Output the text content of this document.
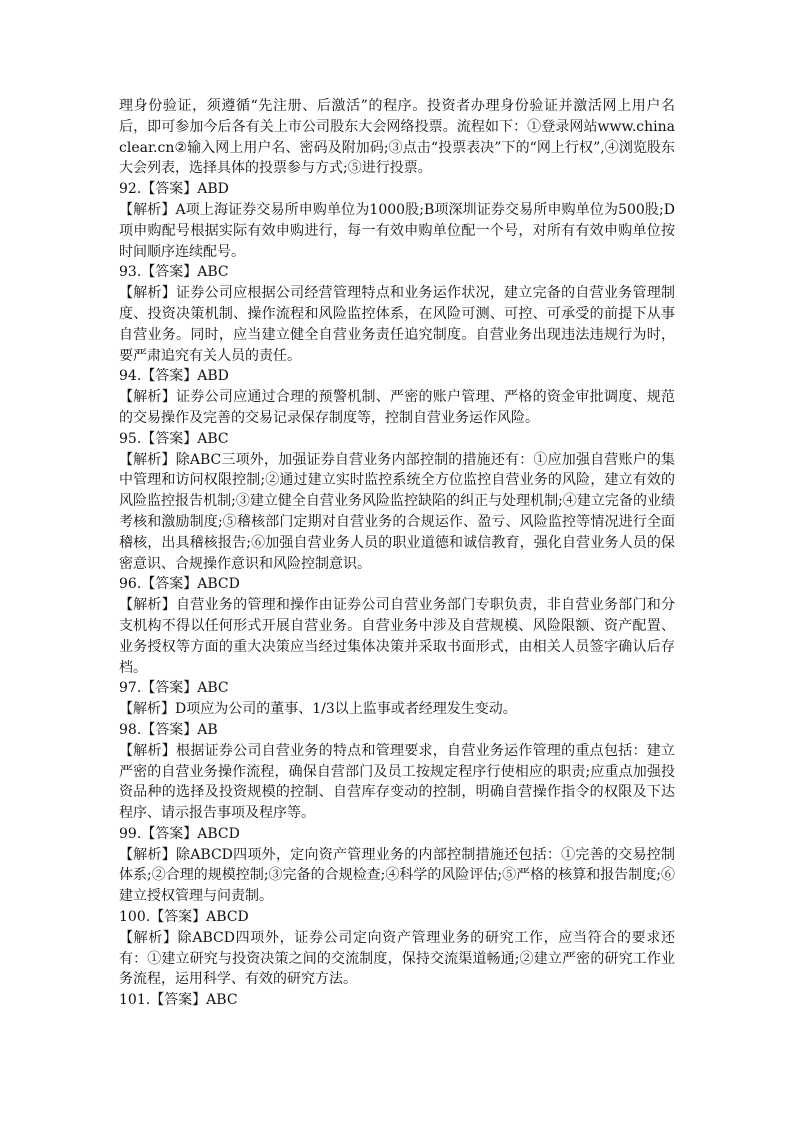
理身份验证，须遵循“先注册、后激活”的程序。投资者办理身份验证并激活网上用户名后，即可参加今后各有关上市公司股东大会网络投票。流程如下：①登录网站www.chinaclear.cn②输入网上用户名、密码及附加码;③点击“投票表决”下的“网上行权”,④浏览股东大会列表，选择具体的投票参与方式;⑤进行投票。

92.【答案】ABD

【解析】A项上海证券交易所申购单位为1000股;B项深圳证券交易所申购单位为500股;D项申购配号根据实际有效申购进行，每一有效申购单位配一个号，对所有有效申购单位按时间顺序连续配号。

93.【答案】ABC

【解析】证券公司应根据公司经营管理特点和业务运作状况，建立完备的自营业务管理制度、投资决策机制、操作流程和风险监控体系，在风险可测、可控、可承受的前提下从事自营业务。同时，应当建立健全自营业务责任追究制度。自营业务出现违法违规行为时，要严肃追究有关人员的责任。

94.【答案】ABD

【解析】证券公司应通过合理的预警机制、严密的账户管理、严格的资金审批调度、规范的交易操作及完善的交易记录保存制度等，控制自营业务运作风险。

95.【答案】ABC

【解析】除ABC三项外，加强证券自营业务内部控制的措施还有：①应加强自营账户的集中管理和访问权限控制;②通过建立实时监控系统全方位监控自营业务的风险，建立有效的风险监控报告机制;③建立健全自营业务风险监控缺陷的纠正与处理机制;④建立完备的业绩考核和激励制度;⑤稽核部门定期对自营业务的合规运作、盈亏、风险监控等情况进行全面稽核，出具稽核报告;⑥加强自营业务人员的职业道德和诚信教育，强化自营业务人员的保密意识、合规操作意识和风险控制意识。

96.【答案】ABCD

【解析】自营业务的管理和操作由证券公司自营业务部门专职负责，非自营业务部门和分支机构不得以任何形式开展自营业务。自营业务中涉及自营规模、风险限额、资产配置、业务授权等方面的重大决策应当经过集体决策并采取书面形式，由相关人员签字确认后存档。

97.【答案】ABC

【解析】D项应为公司的董事、1/3以上监事或者经理发生变动。

98.【答案】AB

【解析】根据证券公司自营业务的特点和管理要求，自营业务运作管理的重点包括：建立严密的自营业务操作流程，确保自营部门及员工按规定程序行使相应的职责;应重点加强投资品种的选择及投资规模的控制、自营库存变动的控制，明确自营操作指令的权限及下达程序、请示报告事项及程序等。

99.【答案】ABCD

【解析】除ABCD四项外，定向资产管理业务的内部控制措施还包括：①完善的交易控制体系;②合理的规模控制;③完备的合规检查;④科学的风险评估;⑤严格的核算和报告制度;⑥建立授权管理与问责制。

100.【答案】ABCD

【解析】除ABCD四项外，证券公司定向资产管理业务的研究工作，应当符合的要求还有：①建立研究与投资决策之间的交流制度，保持交流渠道畅通;②建立严密的研究工作业务流程，运用科学、有效的研究方法。

101.【答案】ABC
